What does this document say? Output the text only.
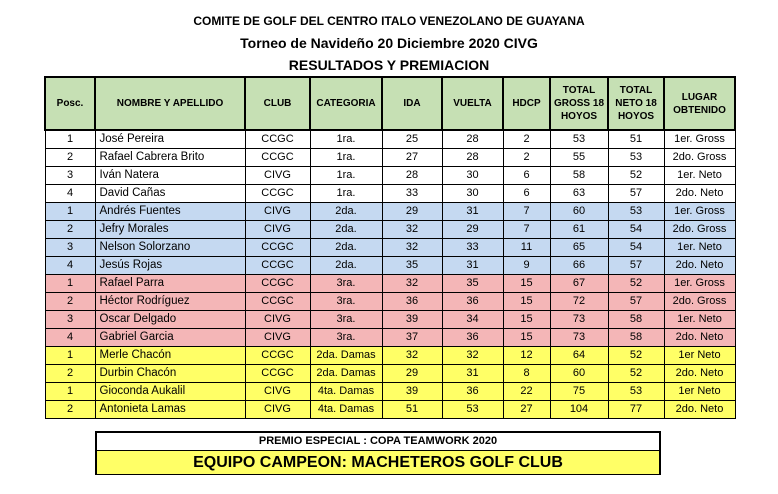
COMITE DE GOLF DEL CENTRO ITALO VENEZOLANO DE GUAYANA
Torneo de Navideño 20 Diciembre 2020 CIVG
RESULTADOS Y PREMIACION
Posc.	NOMBRE Y APELLIDO	CLUB	CATEGORIA	IDA	VUELTA	HDCP	TOTAL GROSS 18 HOYOS	TOTAL NETO 18 HOYOS	LUGAR OBTENIDO
1	José Pereira	CCGC	1ra.	25	28	2	53	51	1er. Gross
2	Rafael Cabrera Brito	CCGC	1ra.	27	28	2	55	53	2do. Gross
3	Iván Natera	CIVG	1ra.	28	30	6	58	52	1er. Neto
4	David Cañas	CCGC	1ra.	33	30	6	63	57	2do. Neto
1	Andrés Fuentes	CIVG	2da.	29	31	7	60	53	1er. Gross
2	Jefry Morales	CIVG	2da.	32	29	7	61	54	2do. Gross
3	Nelson Solorzano	CCGC	2da.	32	33	11	65	54	1er. Neto
4	Jesús Rojas	CCGC	2da.	35	31	9	66	57	2do. Neto
1	Rafael Parra	CCGC	3ra.	32	35	15	67	52	1er. Gross
2	Héctor Rodríguez	CCGC	3ra.	36	36	15	72	57	2do. Gross
3	Oscar Delgado	CIVG	3ra.	39	34	15	73	58	1er. Neto
4	Gabriel Garcia	CIVG	3ra.	37	36	15	73	58	2do. Neto
1	Merle Chacón	CCGC	2da. Damas	32	32	12	64	52	1er Neto
2	Durbin Chacón	CCGC	2da. Damas	29	31	8	60	52	2do. Neto
1	Gioconda Aukalil	CIVG	4ta. Damas	39	36	22	75	53	1er Neto
2	Antonieta Lamas	CIVG	4ta. Damas	51	53	27	104	77	2do. Neto
PREMIO ESPECIAL : COPA TEAMWORK 2020
EQUIPO CAMPEON: MACHETEROS GOLF CLUB
